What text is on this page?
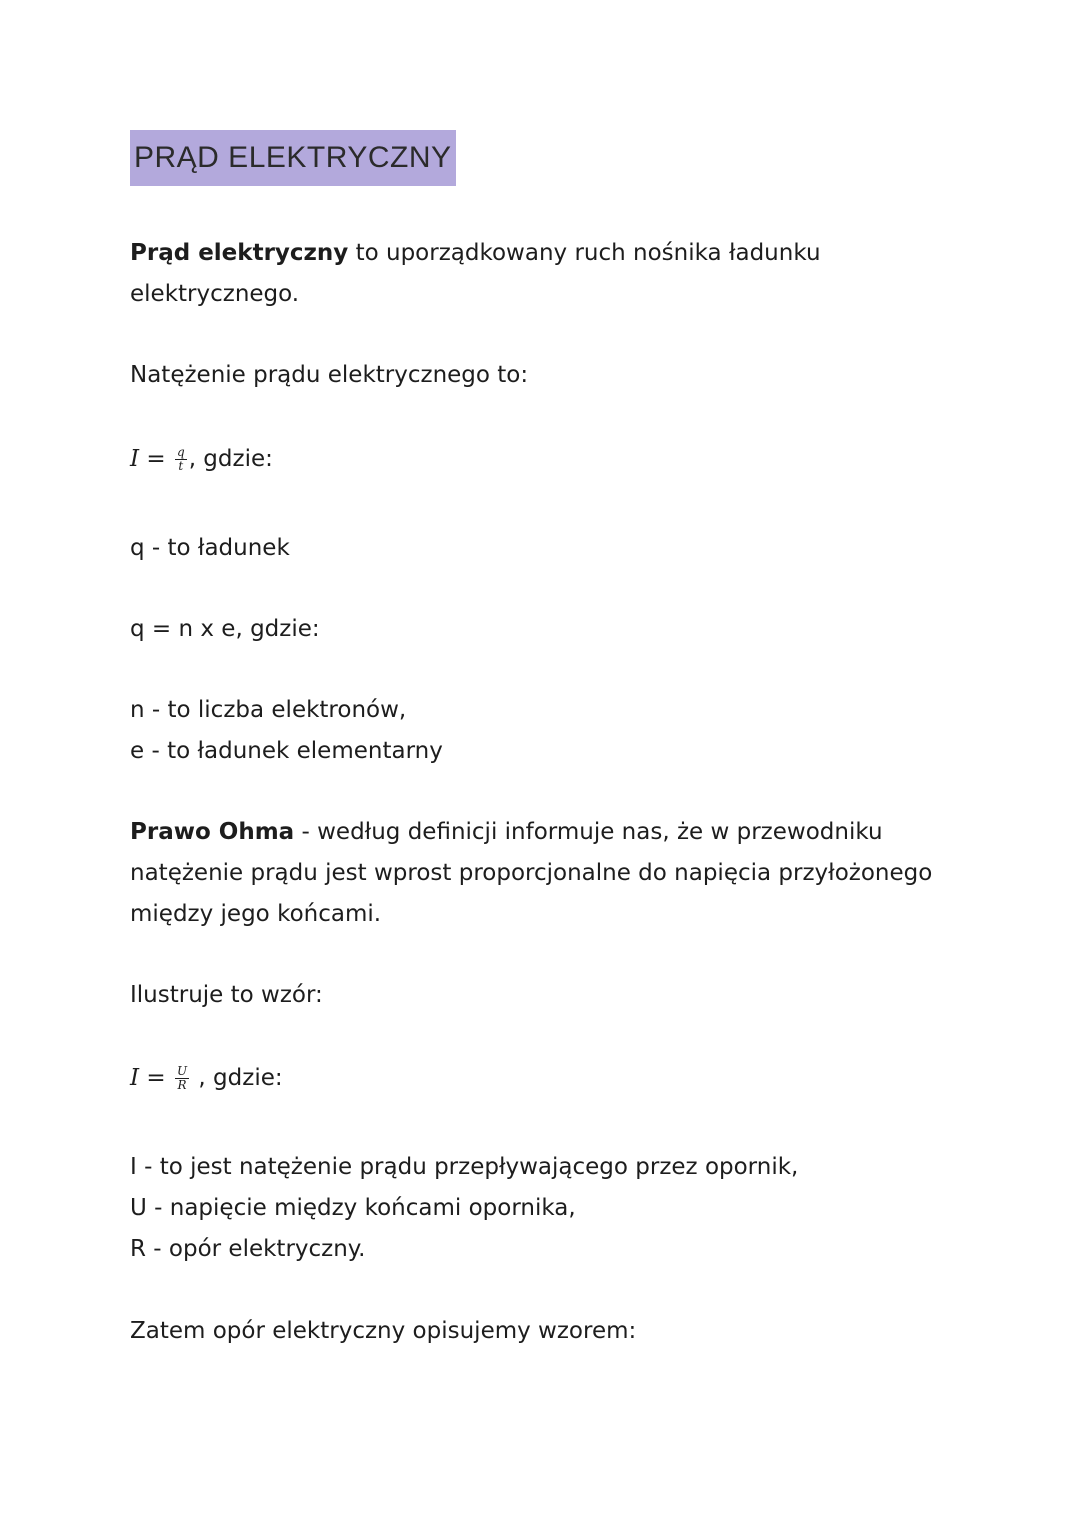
PRĄD ELEKTRYCZNY
Prąd elektryczny to uporządkowany ruch nośnika ładunku
elektrycznego.
Natężenie prądu elektrycznego to:
$I = \frac{q}{t}$ , gdzie:
q - to ładunek
q = n x e, gdzie:
n - to liczba elektronów,
e - to ładunek elementarny
Prawo Ohma - według definicji informuje nas, że w przewodniku
natężenie prądu jest wprost proporcjonalne do napięcia przyłożonego
między jego końcami.
Ilustruje to wzór:
$I = \frac{U}{R}$ , gdzie:
I - to jest natężenie prądu przepływającego przez opornik,
U - napięcie między końcami opornika,
R - opór elektryczny.
Zatem opór elektryczny opisujemy wzorem:
